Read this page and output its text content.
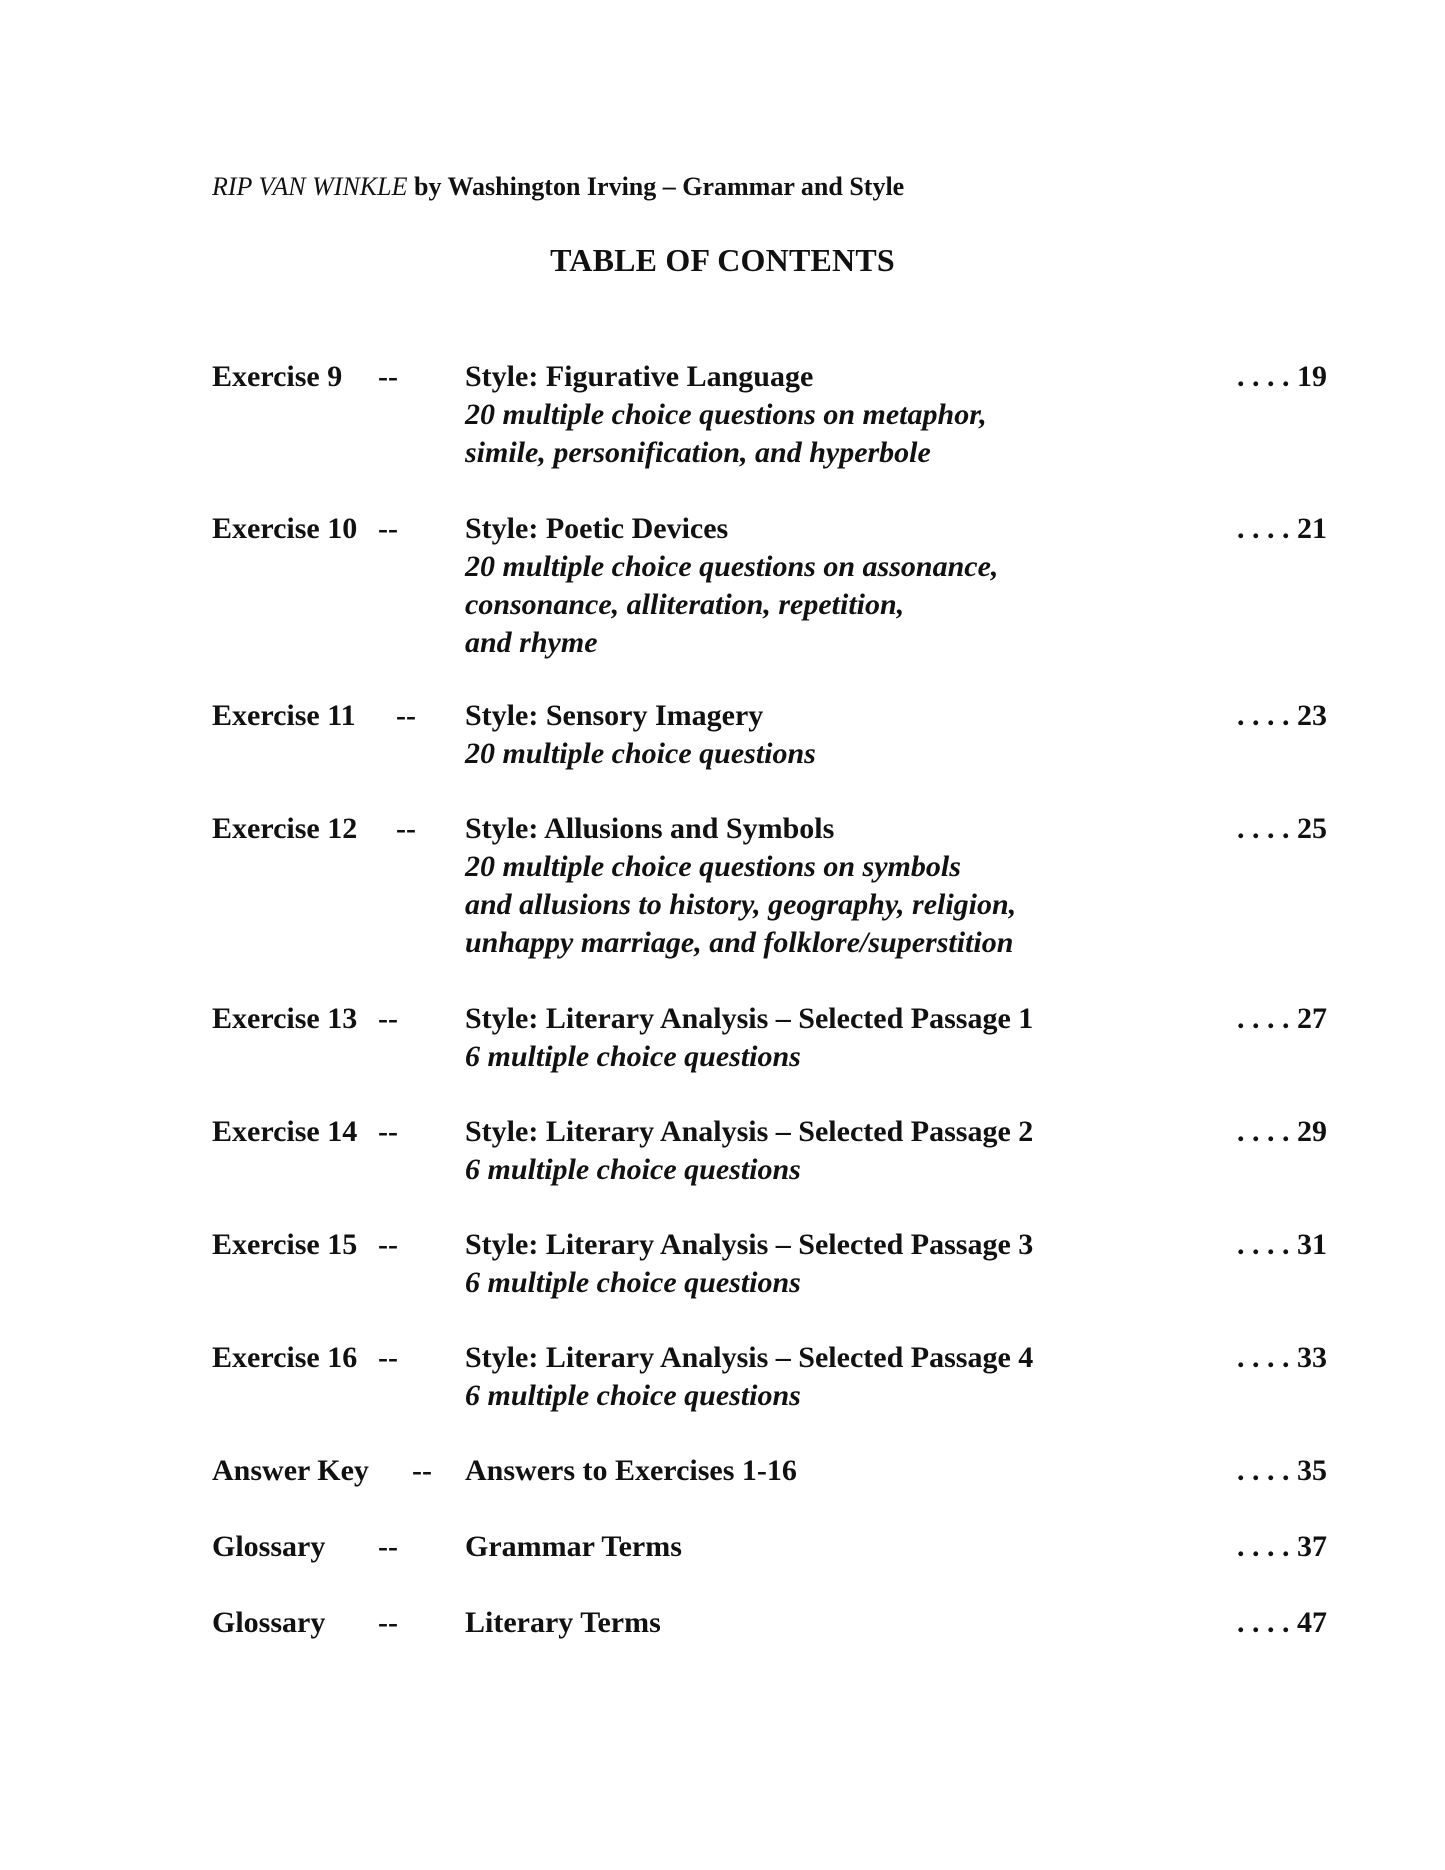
RIP VAN WINKLE by Washington Irving – Grammar and Style
TABLE OF CONTENTS
Exercise 9 -- Style: Figurative Language
20 multiple choice questions on metaphor,
simile, personification, and hyperbole
. . . . 19
Exercise 10 -- Style: Poetic Devices
20 multiple choice questions on assonance,
consonance, alliteration, repetition,
and rhyme
. . . . 21
Exercise 11 -- Style: Sensory Imagery
20 multiple choice questions
. . . . 23
Exercise 12 -- Style: Allusions and Symbols
20 multiple choice questions on symbols
and allusions to history, geography, religion,
unhappy marriage, and folklore/superstition
. . . . 25
Exercise 13 -- Style: Literary Analysis – Selected Passage 1
6 multiple choice questions
. . . . 27
Exercise 14 -- Style: Literary Analysis – Selected Passage 2
6 multiple choice questions
. . . . 29
Exercise 15 -- Style: Literary Analysis – Selected Passage 3
6 multiple choice questions
. . . . 31
Exercise 16 -- Style: Literary Analysis – Selected Passage 4
6 multiple choice questions
. . . . 33
Answer Key -- Answers to Exercises 1-16	. . . . 35
Glossary -- Grammar Terms	. . . . 37
Glossary -- Literary Terms	. . . . 47
